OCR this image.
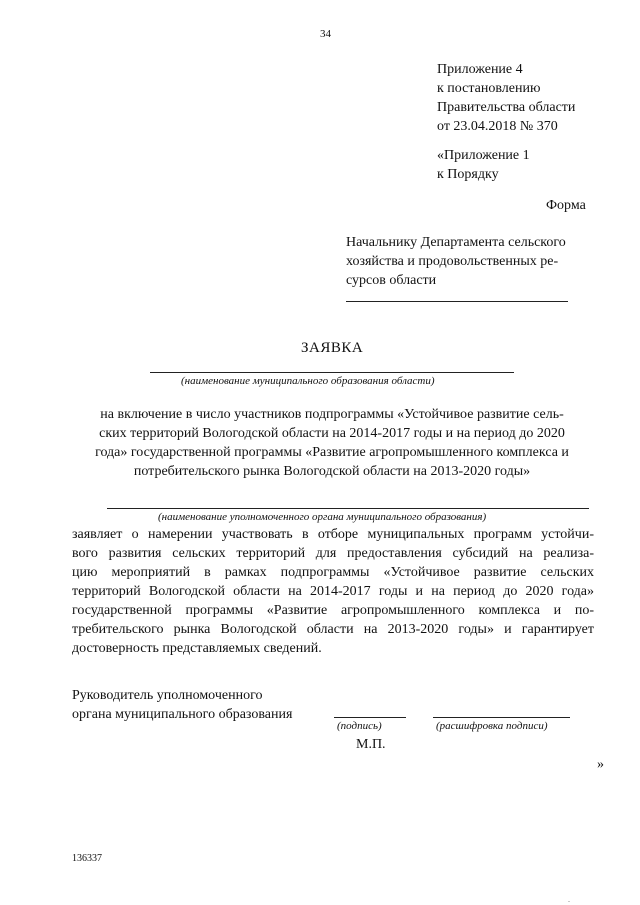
34
Приложение 4
к постановлению
Правительства области
от 23.04.2018 № 370
«Приложение 1
к Порядку
Форма
Начальнику Департамента сельского
хозяйства и продовольственных ре-
сурсов области
ЗАЯВКА
(наименование муниципального образования области)
на включение в число участников подпрограммы «Устойчивое развитие сель-
ских территорий Вологодской области на 2014-2017 годы и на период до 2020
года» государственной программы «Развитие агропромышленного комплекса и
потребительского рынка Вологодской области на 2013-2020 годы»
(наименование уполномоченного органа муниципального образования)
заявляет о намерении участвовать в отборе муниципальных программ устойчи-
вого развития сельских территорий для предоставления субсидий на реализа-
цию мероприятий в рамках подпрограммы «Устойчивое развитие сельских
территорий Вологодской области на 2014-2017 годы и на период до 2020 года»
государственной программы «Развитие агропромышленного комплекса и по-
требительского рынка Вологодской области на 2013-2020 годы» и гарантирует
достоверность представляемых сведений.
Руководитель уполномоченного
органа муниципального образования
(подпись)	(расшифровка подписи)
М.П.
»
136337
.
